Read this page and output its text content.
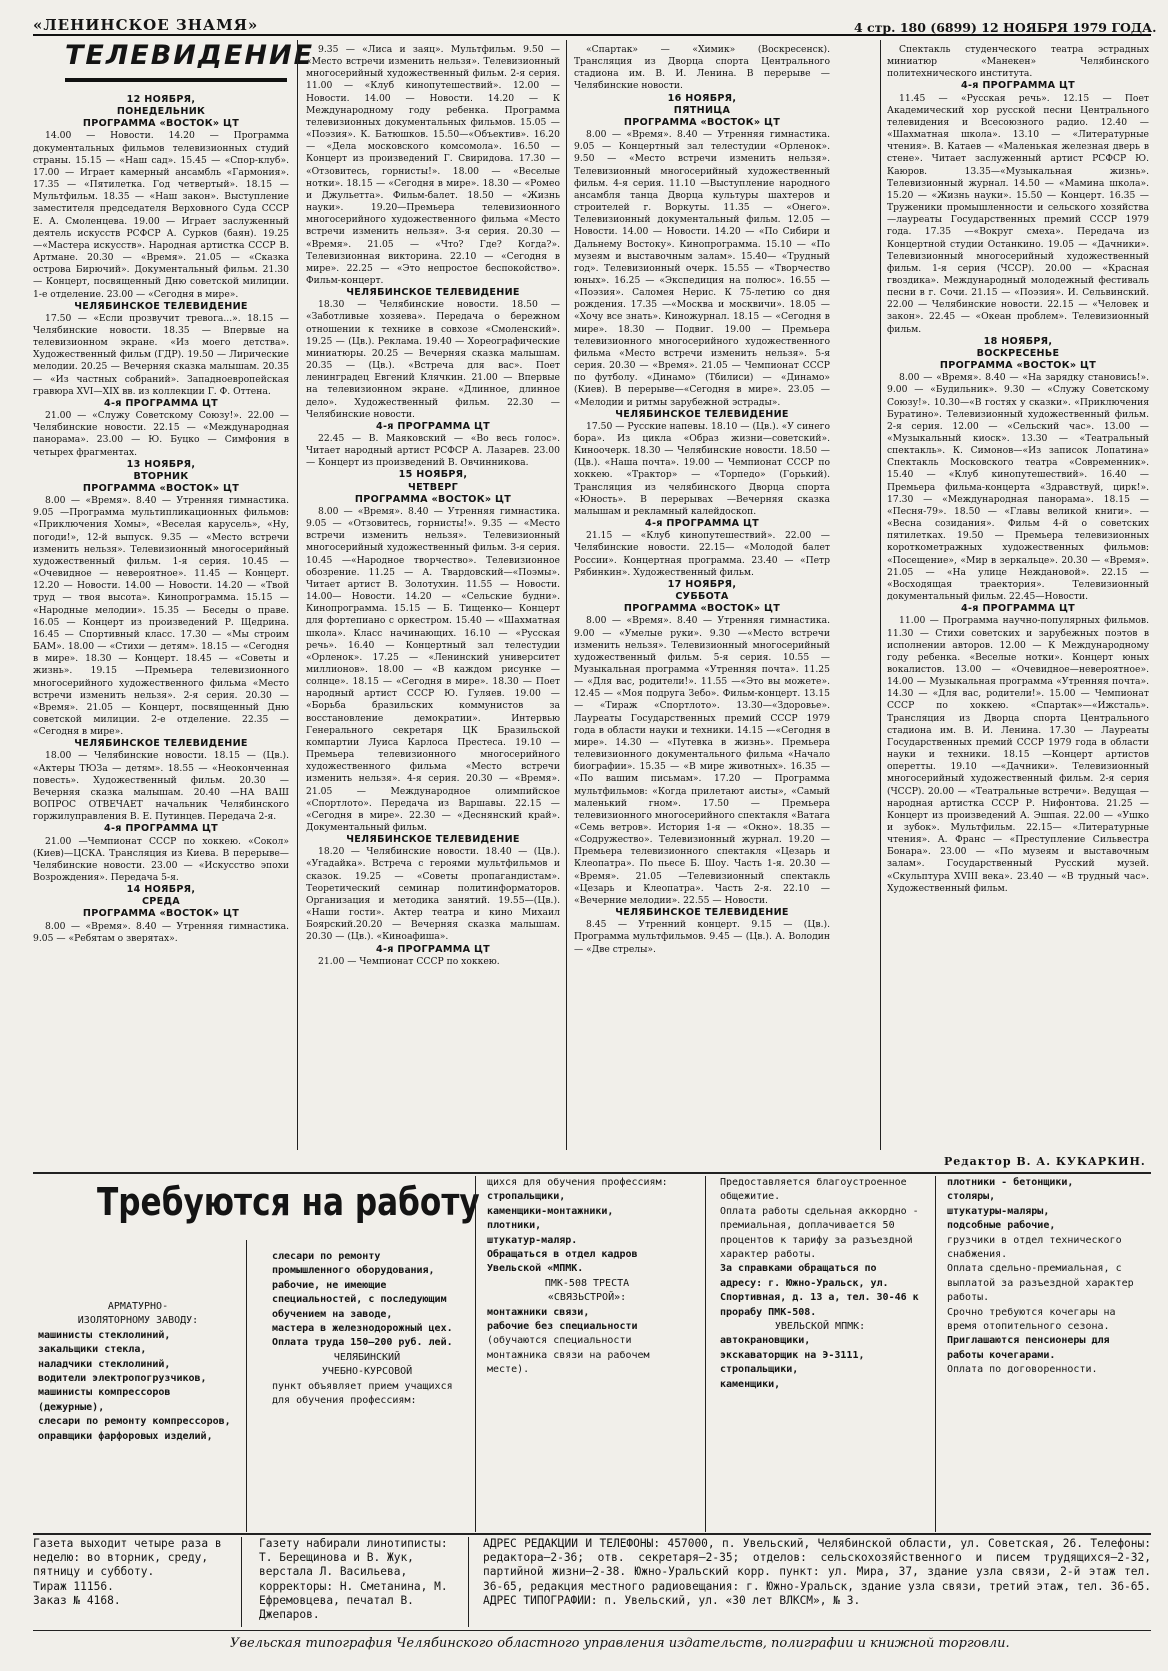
«ЛЕНИНСКОЕ ЗНАМЯ»	4 стр. 180 (6899) 12 НОЯБРЯ 1979 ГОДА.
ТЕЛЕВИДЕНИЕ
12 НОЯБРЯ,
ПОНЕДЕЛЬНИК
ПРОГРАММА «ВОСТОК» ЦТ
14.00 — Новости. 14.20 — Программа документальных фильмов телевизионных студий страны. 15.15 — «Наш сад». 15.45 — «Спор-клуб». 17.00 — Играет камерный ансамбль «Гармония». 17.35 — «Пятилетка. Год четвертый». 18.15 — Мультфильм. 18.35 — «Наш закон». Выступление заместителя председателя Верховного Суда СССР Е. А. Смоленцева. 19.00 — Играет заслуженный деятель искусств РСФСР А. Сурков (баян). 19.25—«Мастера искусств». Народная артистка СССР В. Артмане. 20.30 — «Время». 21.05 — «Сказка острова Бирючий». Документальный фильм. 21.30 — Концерт, посвященный Дню советской милиции. 1-е отделение. 23.00 — «Сегодня в мире».
ЧЕЛЯБИНСКОЕ ТЕЛЕВИДЕНИЕ
17.50 — «Если прозвучит тревога...». 18.15 — Челябинские новости. 18.35 — Впервые на телевизионном экране. «Из моего детства». Художественный фильм (ГДР). 19.50 — Лирические мелодии. 20.25 — Вечерняя сказка малышам. 20.35 — «Из частных собраний». Западноевропейская гравюра XVI—XIX вв. из коллекции Г. Ф. Оттена.
4-я ПРОГРАММА ЦТ
21.00 — «Служу Советскому Союзу!». 22.00 — Челябинские новости. 22.15 — «Международная панорама». 23.00 — Ю. Буцко — Симфония в четырех фрагментах.
13 НОЯБРЯ,
ВТОРНИК
ПРОГРАММА «ВОСТОК» ЦТ
8.00 — «Время». 8.40 — Утренняя гимнастика. 9.05 —Программа мультипликационных фильмов: «Приключения Хомы», «Веселая карусель», «Ну, погоди!», 12-й выпуск. 9.35 — «Место встречи изменить нельзя». Телевизионный многосерийный художественный фильм. 1-я серия. 10.45 — «Очевидное — невероятное». 11.45 — Концерт. 12.20 — Новости. 14.00 — Новости. 14.20 — «Твой труд — твоя высота». Кинопрограмма. 15.15 — «Народные мелодии». 15.35 — Беседы о праве. 16.05 — Концерт из произведений Р. Щедрина. 16.45 — Спортивный класс. 17.30 — «Мы строим БАМ». 18.00 — «Стихи — детям». 18.15 — «Сегодня в мире». 18.30 — Концерт. 18.45 — «Советы и жизнь». 19.15 —Премьера телевизионного многосерийного художественного фильма «Место встречи изменить нельзя». 2-я серия. 20.30 — «Время». 21.05 — Концерт, посвященный Дню советской милиции. 2-е отделение. 22.35 — «Сегодня в мире».
ЧЕЛЯБИНСКОЕ ТЕЛЕВИДЕНИЕ
18.00 — Челябинские новости. 18.15 — (Цв.). «Актеры ТЮЗа — детям». 18.55 — «Неоконченная повесть». Художественный фильм. 20.30 — Вечерняя сказка малышам. 20.40 —НА ВАШ ВОПРОС ОТВЕЧАЕТ начальник Челябинского горжилуправления В. Е. Путинцев. Передача 2-я.
4-я ПРОГРАММА ЦТ
21.00 —Чемпионат СССР по хоккею. «Сокол» (Киев)—ЦСКА. Трансляция из Киева. В перерыве—Челябинские новости. 23.00 — «Искусство эпохи Возрождения». Передача 5-я.
14 НОЯБРЯ,
СРЕДА
ПРОГРАММА «ВОСТОК» ЦТ
8.00 — «Время». 8.40 — Утренняя гимнастика. 9.05 — «Ребятам о зверятах».
9.35 — «Лиса и заяц». Мультфильм. 9.50 — «Место встречи изменить нельзя». Телевизионный многосерийный художественный фильм. 2-я серия. 11.00 — «Клуб кинопутешествий». 12.00 — Новости. 14.00 — Новости. 14.20 — К Международному году ребенка. Программа телевизионных документальных фильмов. 15.05 — «Поэзия». К. Батюшков. 15.50—«Объектив». 16.20 — «Дела московского комсомола». 16.50 — Концерт из произведений Г. Свиридова. 17.30 — «Отзовитесь, горнисты!». 18.00 — «Веселые нотки». 18.15 — «Сегодня в мире». 18.30 — «Ромео и Джульетта». Фильм-балет. 18.50 — «Жизнь науки». 19.20—Премьера телевизионного многосерийного художественного фильма «Место встречи изменить нельзя». 3-я серия. 20.30 — «Время». 21.05 — «Что? Где? Когда?». Телевизионная викторина. 22.10 — «Сегодня в мире». 22.25 — «Это непростое беспокойство». Фильм-концерт.
ЧЕЛЯБИНСКОЕ ТЕЛЕВИДЕНИЕ
18.30 — Челябинские новости. 18.50 — «Заботливые хозяева». Передача о бережном отношении к технике в совхозе «Смоленский». 19.25 — (Цв.). Реклама. 19.40 — Хореографические миниатюры. 20.25 — Вечерняя сказка малышам. 20.35 — (Цв.). «Встреча для вас». Поет ленинградец Евгений Клячкин. 21.00 — Впервые на телевизионном экране. «Длинное, длинное дело». Художественный фильм. 22.30 —Челябинские новости.
4-я ПРОГРАММА ЦТ
22.45 — В. Маяковский — «Во весь голос». Читает народный артист РСФСР А. Лазарев. 23.00 — Концерт из произведений В. Овчинникова.
15 НОЯБРЯ,
ЧЕТВЕРГ
ПРОГРАММА «ВОСТОК» ЦТ
8.00 — «Время». 8.40 — Утренняя гимнастика. 9.05 — «Отзовитесь, горнисты!». 9.35 — «Место встречи изменить нельзя». Телевизионный многосерийный художественный фильм. 3-я серия. 10.45 —«Народное творчество». Телевизионное обозрение. 11.25 — А. Твардовский—«Поэмы». Читает артист В. Золотухин. 11.55 — Новости. 14.00— Новости. 14.20 — «Сельские будни». Кинопрограмма. 15.15 — Б. Тищенко— Концерт для фортепиано с оркестром. 15.40 — «Шахматная школа». Класс начинающих. 16.10 — «Русская речь». 16.40 — Концертный зал телестудии «Орленок». 17.25 — «Ленинский университет миллионов». 18.00 — «В каждом рисунке — солнце». 18.15 — «Сегодня в мире». 18.30 — Поет народный артист СССР Ю. Гуляев. 19.00 — «Борьба бразильских коммунистов за восстановление демократии». Интервью Генерального секретаря ЦК Бразильской компартии Луиса Карлоса Престеса. 19.10 — Премьера телевизионного многосерийного художественного фильма «Место встречи изменить нельзя». 4-я серия. 20.30 — «Время». 21.05 — Международное олимпийское «Спортлото». Передача из Варшавы. 22.15 — «Сегодня в мире». 22.30 — «Деснянский край». Документальный фильм.
ЧЕЛЯБИНСКОЕ ТЕЛЕВИДЕНИЕ
18.20 — Челябинские новости. 18.40 — (Цв.). «Угадайка». Встреча с героями мультфильмов и сказок. 19.25 — «Советы пропагандистам». Теоретический семинар политинформаторов. Организация и методика занятий. 19.55—(Цв.). «Наши гости». Актер театра и кино Михаил Боярский.20.20 — Вечерняя сказка малышам. 20.30 — (Цв.). «Киноафиша».
4-я ПРОГРАММА ЦТ
21.00 — Чемпионат СССР по хоккею.
«Спартак» — «Химик» (Воскресенск). Трансляция из Дворца спорта Центрального стадиона им. В. И. Ленина. В перерыве — Челябинские новости.
16 НОЯБРЯ,
ПЯТНИЦА
ПРОГРАММА «ВОСТОК» ЦТ
8.00 — «Время». 8.40 — Утренняя гимнастика. 9.05 — Концертный зал телестудии «Орленок». 9.50 — «Место встречи изменить нельзя». Телевизионный многосерийный художественный фильм. 4-я серия. 11.10 —Выступление народного ансамбля танца Дворца культуры шахтеров и строителей г. Воркуты. 11.35 — «Онего». Телевизионный документальный фильм. 12.05 — Новости. 14.00 — Новости. 14.20 — «По Сибири и Дальнему Востоку». Кинопрограмма. 15.10 — «По музеям и выставочным залам». 15.40— «Трудный год». Телевизионный очерк. 15.55 — «Творчество юных». 16.25 — «Экспедиция на полюс». 16.55 — «Поэзия». Саломея Нерис. К 75-летию со дня рождения. 17.35 —«Москва и москвичи». 18.05 — «Хочу все знать». Киножурнал. 18.15 — «Сегодня в мире». 18.30 — Подвиг. 19.00 — Премьера телевизионного многосерийного художественного фильма «Место встречи изменить нельзя». 5-я серия. 20.30 — «Время». 21.05 — Чемпионат СССР по футболу. «Динамо» (Тбилиси) — «Динамо» (Киев). В перерыве—«Сегодня в мире». 23.05 — «Мелодии и ритмы зарубежной эстрады».
ЧЕЛЯБИНСКОЕ ТЕЛЕВИДЕНИЕ
17.50 — Русские напевы. 18.10 — (Цв.). «У синего бора». Из цикла «Образ жизни—советский». Киноочерк. 18.30 — Челябинские новости. 18.50 — (Цв.). «Наша почта». 19.00 — Чемпионат СССР по хоккею. «Трактор» — «Торпедо» (Горький). Трансляция из челябинского Дворца спорта «Юность». В перерывах —Вечерняя сказка малышам и рекламный калейдоскоп.
4-я ПРОГРАММА ЦТ
21.15 — «Клуб кинопутешествий». 22.00 — Челябинские новости. 22.15— «Молодой балет России». Концертная программа. 23.40 — «Петр Рябинкин». Художественный фильм.
17 НОЯБРЯ,
СУББОТА
ПРОГРАММА «ВОСТОК» ЦТ
8.00 — «Время». 8.40 — Утренняя гимнастика. 9.00 — «Умелые руки». 9.30 —«Место встречи изменить нельзя». Телевизионный многосерийный художественный фильм. 5-я серия. 10.55 — Музыкальная программа «Утренняя почта». 11.25 — «Для вас, родители!». 11.55 —«Это вы можете». 12.45 — «Моя подруга Зебо». Фильм-концерт. 13.15 — «Тираж «Спортлото». 13.30—«Здоровье». Лауреаты Государственных премий СССР 1979 года в области науки и техники. 14.15 —«Сегодня в мире». 14.30 — «Путевка в жизнь». Премьера телевизионного документального фильма «Начало биографии». 15.35 — «В мире животных». 16.35 — «По вашим письмам». 17.20 — Программа мультфильмов: «Когда прилетают аисты», «Самый маленький гном». 17.50 — Премьера телевизионного многосерийного спектакля «Ватага «Семь ветров». История 1-я — «Окно». 18.35 — «Содружество». Телевизионный журнал. 19.20 — Премьера телевизионного спектакля «Цезарь и Клеопатра». По пьесе Б. Шоу. Часть 1-я. 20.30 — «Время». 21.05 —Телевизионный спектакль «Цезарь и Клеопатра». Часть 2-я. 22.10 — «Вечерние мелодии». 22.55 — Новости.
ЧЕЛЯБИНСКОЕ ТЕЛЕВИДЕНИЕ
8.45 — Утренний концерт. 9.15 — (Цв.). Программа мультфильмов. 9.45 — (Цв.). А. Володин— «Две стрелы».
Спектакль студенческого театра эстрадных миниатюр «Манекен» Челябинского политехнического института.
4-я ПРОГРАММА ЦТ
11.45 — «Русская речь». 12.15 — Поет Академический хор русской песни Центрального телевидения и Всесоюзного радио. 12.40 — «Шахматная школа». 13.10 — «Литературные чтения». В. Катаев — «Маленькая железная дверь в стене». Читает заслуженный артист РСФСР Ю. Каюров. 13.35—«Музыкальная жизнь». Телевизионный журнал. 14.50 — «Мамина школа». 15.20 — «Жизнь науки». 15.50 — Концерт. 16.35 — Труженики промышленности и сельского хозяйства —лауреаты Государственных премий СССР 1979 года. 17.35 —«Вокруг смеха». Передача из Концертной студии Останкино. 19.05 — «Дачники». Телевизионный многосерийный художественный фильм. 1-я серия (ЧССР). 20.00 — «Красная гвоздика». Международный молодежный фестиваль песни в г. Сочи. 21.15 — «Поэзия». И. Сельвинский. 22.00 — Челябинские новости. 22.15 — «Человек и закон». 22.45 — «Океан проблем». Телевизионный фильм.
18 НОЯБРЯ,
ВОСКРЕСЕНЬЕ
ПРОГРАММА «ВОСТОК» ЦТ
8.00 — «Время». 8.40 — «На зарядку становись!». 9.00 — «Будильник». 9.30 — «Служу Советскому Союзу!». 10.30—«В гостях у сказки». «Приключения Буратино». Телевизионный художественный фильм. 2-я серия. 12.00 — «Сельский час». 13.00 — «Музыкальный киоск». 13.30 — «Театральный спектакль». К. Симонов—«Из записок Лопатина» Спектакль Московского театра «Современник». 15.40 — «Клуб кинопутешествий». 16.40 — Премьера фильма-концерта «Здравствуй, цирк!». 17.30 — «Международная панорама». 18.15 — «Песня-79». 18.50 — «Главы великой книги». — «Весна созидания». Фильм 4-й о советских пятилетках. 19.50 — Премьера телевизионных короткометражных художественных фильмов: «Посещение», «Мир в зеркальце». 20.30 — «Время». 21.05 — «На улице Неждановой». 22.15 — «Восходящая траектория». Телевизионный документальный фильм. 22.45—Новости.
4-я ПРОГРАММА ЦТ
11.00 — Программа научно-популярных фильмов. 11.30 — Стихи советских и зарубежных поэтов в исполнении авторов. 12.00 — К Международному году ребенка. «Веселые нотки». Концерт юных вокалистов. 13.00 — «Очевидное—невероятное». 14.00 — Музыкальная программа «Утренняя почта». 14.30 — «Для вас, родители!». 15.00 — Чемпионат СССР по хоккею. «Спартак»—«Ижсталь». Трансляция из Дворца спорта Центрального стадиона им. В. И. Ленина. 17.30 — Лауреаты Государственных премий СССР 1979 года в области науки и техники. 18.15 —Концерт артистов оперетты. 19.10 —«Дачники». Телевизионный многосерийный художественный фильм. 2-я серия (ЧССР). 20.00 — «Театральные встречи». Ведущая — народная артистка СССР Р. Нифонтова. 21.25 — Концерт из произведений А. Эшпая. 22.00 — «Ушко и зубок». Мультфильм. 22.15— «Литературные чтения». А. Франс — «Преступление Сильвестра Бонара». 23.00 — «По музеям и выставочным залам». Государственный Русский музей. «Скульптура XVIII века». 23.40 — «В трудный час». Художественный фильм.
Редактор В. А. КУКАРКИН.
Требуются на работу
АРМАТУРНО-
ИЗОЛЯТОРНОМУ ЗАВОДУ:
машинисты стеклолиний,
закальщики стекла,
наладчики стеклолиний,
водители электропогрузчиков,
машинисты компрессоров (дежурные),
слесари по ремонту компрессоров,
оправщики фарфоровых изделий,
слесари по ремонту промышленного оборудования,
рабочие, не имеющие специальностей, с последующим обучением на заводе,
мастера в железнодорожный цех.
Оплата труда 150—200 руб. лей.
ЧЕЛЯБИНСКИЙ
УЧЕБНО-КУРСОВОЙ
пункт объявляет прием учащихся для обучения профессиям:
щихся для обучения профессиям:
стропальщики,
каменщики-монтажники,
плотники,
штукатур-маляр.
Обращаться в отдел кадров Увельской «МПМК.
ПМК-508 ТРЕСТА
«СВЯЗЬСТРОЙ»:
монтажники связи,
рабочие без специальности
(обучаются специальности монтажника связи на рабочем месте).
Предоставляется благоустроенное общежитие.
Оплата работы сдельная аккордно - премиальная, доплачивается 50 процентов к тарифу за разъездной характер работы.
За справками обращаться по адресу: г. Южно-Уральск, ул. Спортивная, д. 13 а, тел. 30-46 к прорабу ПМК-508.
УВЕЛЬСКОЙ МПМК:
автокрановщики,
экскаваторщик на Э-3111,
стропальщики,
каменщики,
плотники - бетонщики,
столяры,
штукатуры-маляры,
подсобные рабочие,
грузчики в отдел технического снабжения.
Оплата сдельно-премиальная, с выплатой за разъездной характер работы.
Срочно требуются кочегары на время отопительного сезона.
Приглашаются пенсионеры для работы кочегарами.
Оплата по договоренности.
Газета выходит четыре раза в неделю: во вторник, среду, пятницу и субботу.
Тираж 11156.
Заказ № 4168.
Газету набирали линотиписты: Т. Берещинова и В. Жук, верстала Л. Васильева, корректоры: Н. Сметанина, М. Ефремовцева, печатал В. Джепаров.
АДРЕС РЕДАКЦИИ И ТЕЛЕФОНЫ: 457000, п. Увельский, Челябинской области, ул. Советская, 26. Телефоны: редактора—2-36; отв. секретаря—2-35; отделов: сельскохозяйственного и писем трудящихся—2-32, партийной жизни—2-38. Южно-Уральский корр. пункт: ул. Мира, 37, здание узла связи, 2-й этаж тел. 36-65, редакция местного радиовещания: г. Южно-Уральск, здание узла связи, третий этаж, тел. 36-65. АДРЕС ТИПОГРАФИИ: п. Увельский, ул. «30 лет ВЛКСМ», № 3.
Увельская типография Челябинского областного управления издательств, полиграфии и книжной торговли.
